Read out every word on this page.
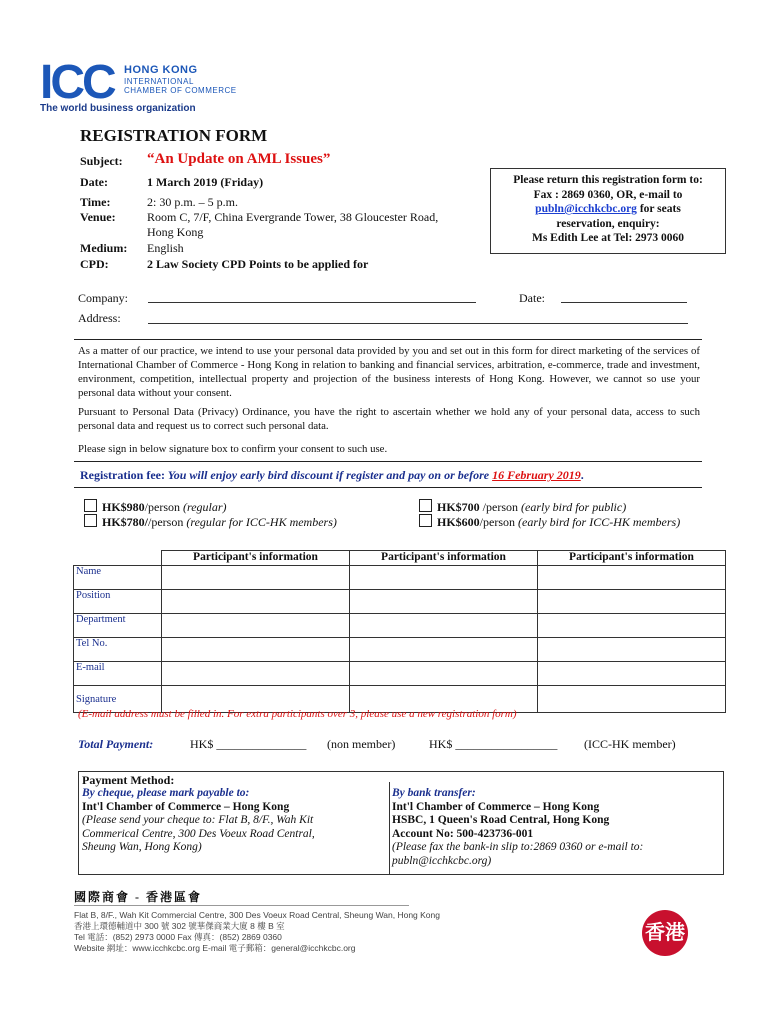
ICC HONG KONG
INTERNATIONAL
CHAMBER OF COMMERCE
The world business organization
REGISTRATION FORM
Subject: “An Update on AML Issues”
Date:	1 March 2019 (Friday)
Time:	2: 30 p.m. – 5 p.m.
Venue:	Room C, 7/F, China Evergrande Tower, 38 Gloucester Road,
Hong Kong
Medium: English
CPD:	2 Law Society CPD Points to be applied for
Please return this registration form to:
Fax : 2869 0360, OR, e-mail to
publn@icchkcbc.org for seats
reservation, enquiry:
Ms Edith Lee at Tel: 2973 0060
Company:	Date:
Address:
As a matter of our practice, we intend to use your personal data provided by you and set out in this form for direct marketing of the services of International Chamber of Commerce - Hong Kong in relation to banking and financial services, arbitration, e-commerce, trade and investment, environment, competition, intellectual property and projection of the business interests of Hong Kong. However, we cannot so use your personal data without your consent.
Pursuant to Personal Data (Privacy) Ordinance, you have the right to ascertain whether we hold any of your personal data, access to such personal data and request us to correct such personal data.
Please sign in below signature box to confirm your consent to such use.
Registration fee: You will enjoy early bird discount if register and pay on or before 16 February 2019.
HK$980/person (regular)
HK$780//person (regular for ICC-HK members)
HK$700 /person (early bird for public)
HK$600/person (early bird for ICC-HK members)
	Participant's information	Participant's information	Participant's information
Name			
Position			
Department			
Tel No.			
E-mail			
Signature			
(E-mail address must be filled in. For extra participants over 3, please use a new registration form)
Total Payment:	HK$ _______________ (non member)	HK$ _________________ (ICC-HK member)
Payment Method:
By cheque, please mark payable to:
Int'l Chamber of Commerce – Hong Kong
(Please send your cheque to: Flat B, 8/F., Wah Kit
Commerical Centre, 300 Des Voeux Road Central,
Sheung Wan, Hong Kong)
By bank transfer:
Int'l Chamber of Commerce – Hong Kong
HSBC, 1 Queen's Road Central, Hong Kong
Account No: 500-423736-001
(Please fax the bank-in slip to:2869 0360 or e-mail to:
publn@icchkcbc.org)
國際商會 - 香港區會
Flat B, 8/F., Wah Kit Commercial Centre, 300 Des Voeux Road Central, Sheung Wan, Hong Kong
香港上環德輔道中 300 號 302 號華傑商業大廈 8 樓 B 室
Tel 電話：(852) 2973 0000 Fax 傳真：(852) 2869 0360
Website 網址：www.icchkcbc.org E-mail 電子郵箱：general@icchkcbc.org
香港
